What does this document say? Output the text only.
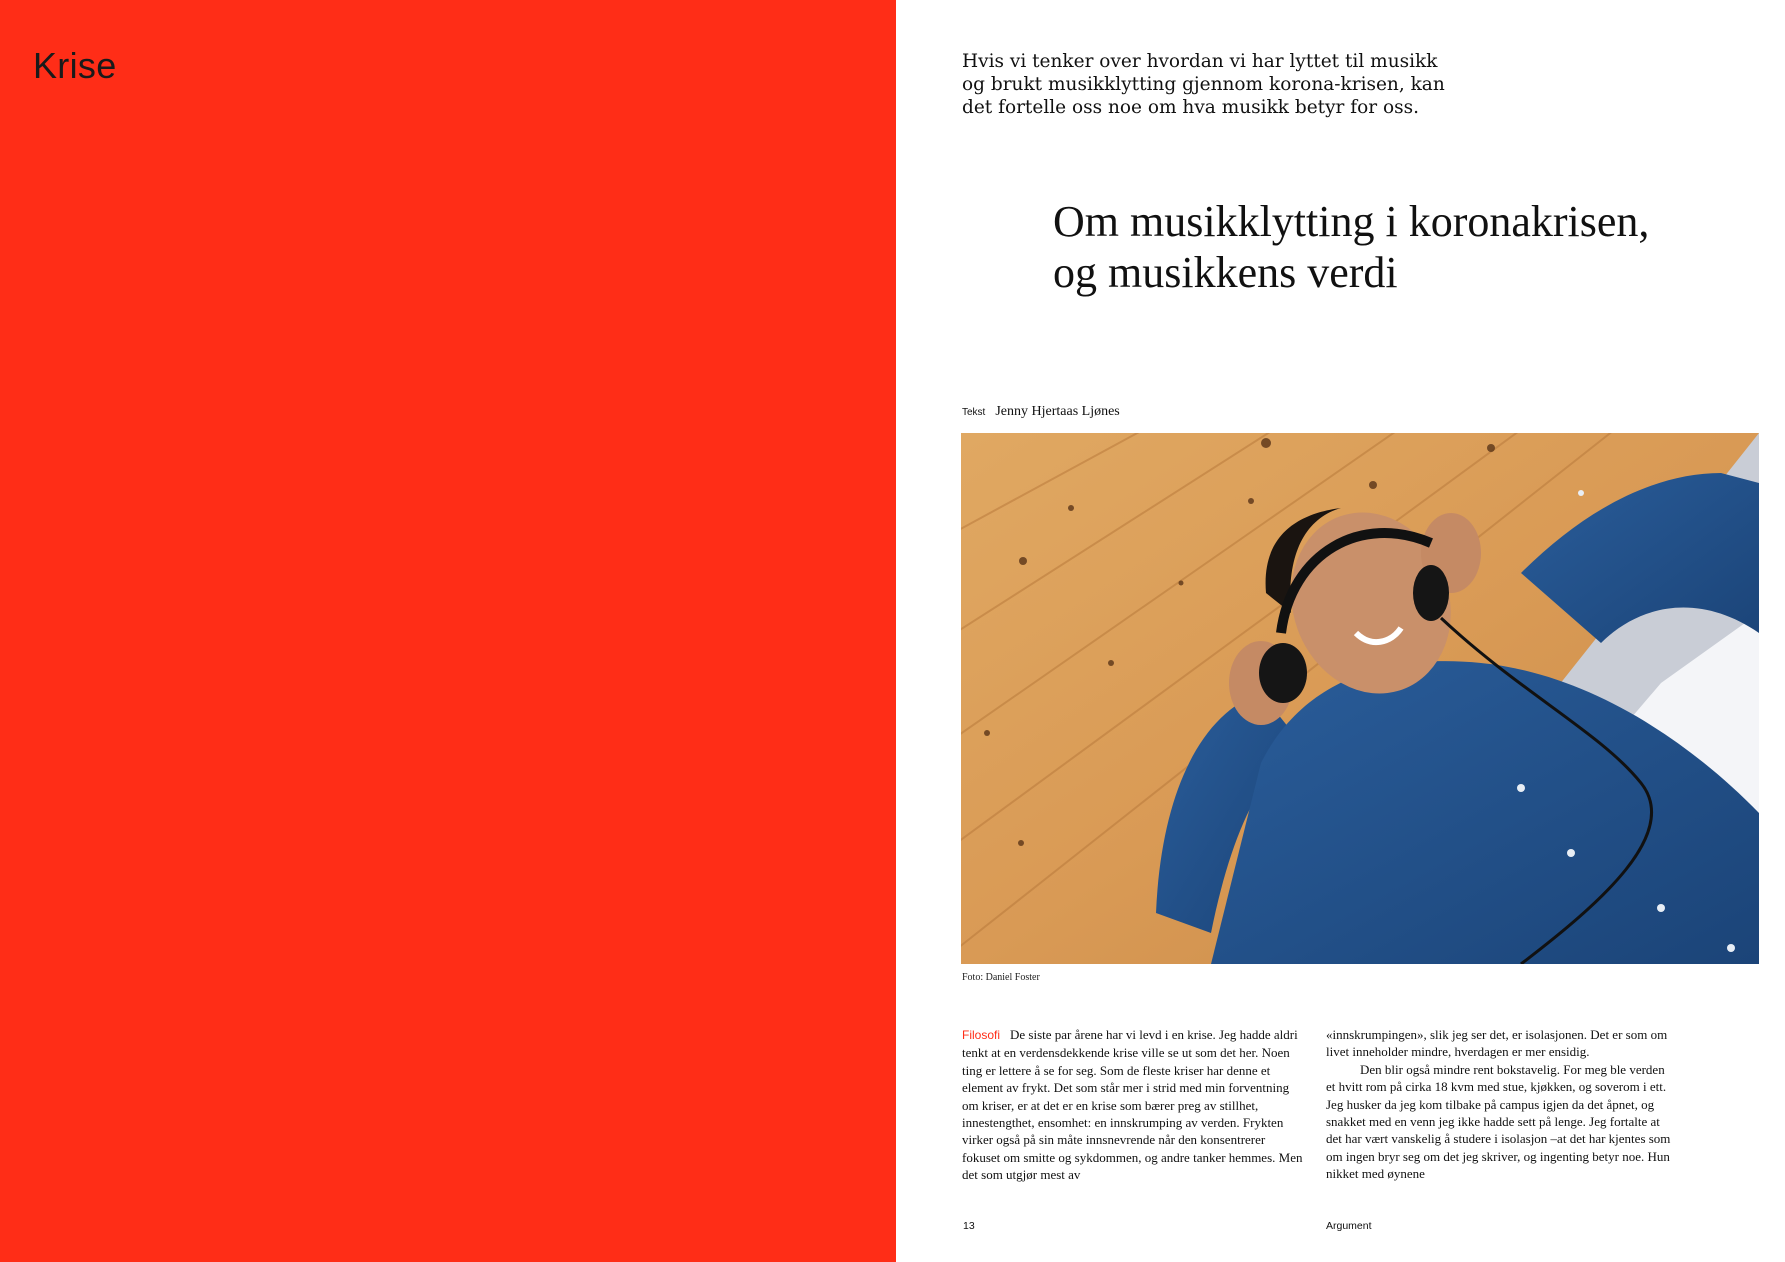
Krise	Hvis vi tenker over hvordan vi har lyttet til musikk og brukt musikklytting gjennom korona-krisen, kan det fortelle oss noe om hva musikk betyr for oss.

Om musikklytting i koronakrisen,
og musikkens verdi
Tekst Jenny Hjertaas Ljønes
Foto: Daniel Foster

Filosofi De siste par årene har vi levd i en krise. Jeg hadde aldri tenkt at en verdensdekkende krise ville se ut som det her. Noen ting er lettere å se for seg. Som de fleste kriser har denne et element av frykt. Det som står mer i strid med min forventning om kriser, er at det er en krise som bærer preg av stillhet, innestengthet, ensomhet: en innskrumping av verden. Frykten virker også på sin måte innsnevrende når den konsentrerer fokuset om smitte og sykdommen, og andre tanker hemmes. Men det som utgjør mest av

«innskrumpingen», slik jeg ser det, er isolasjonen. Det er som om livet inneholder mindre, hverdagen er mer ensidig.
Den blir også mindre rent bokstavelig. For meg ble verden et hvitt rom på cirka 18 kvm med stue, kjøkken, og soverom i ett. Jeg husker da jeg kom tilbake på campus igjen da det åpnet, og snakket med en venn jeg ikke hadde sett på lenge. Jeg fortalte at det har vært vanskelig å studere i isolasjon –at det har kjentes som om ingen bryr seg om det jeg skriver, og ingenting betyr noe. Hun nikket med øynene

13	Argument
